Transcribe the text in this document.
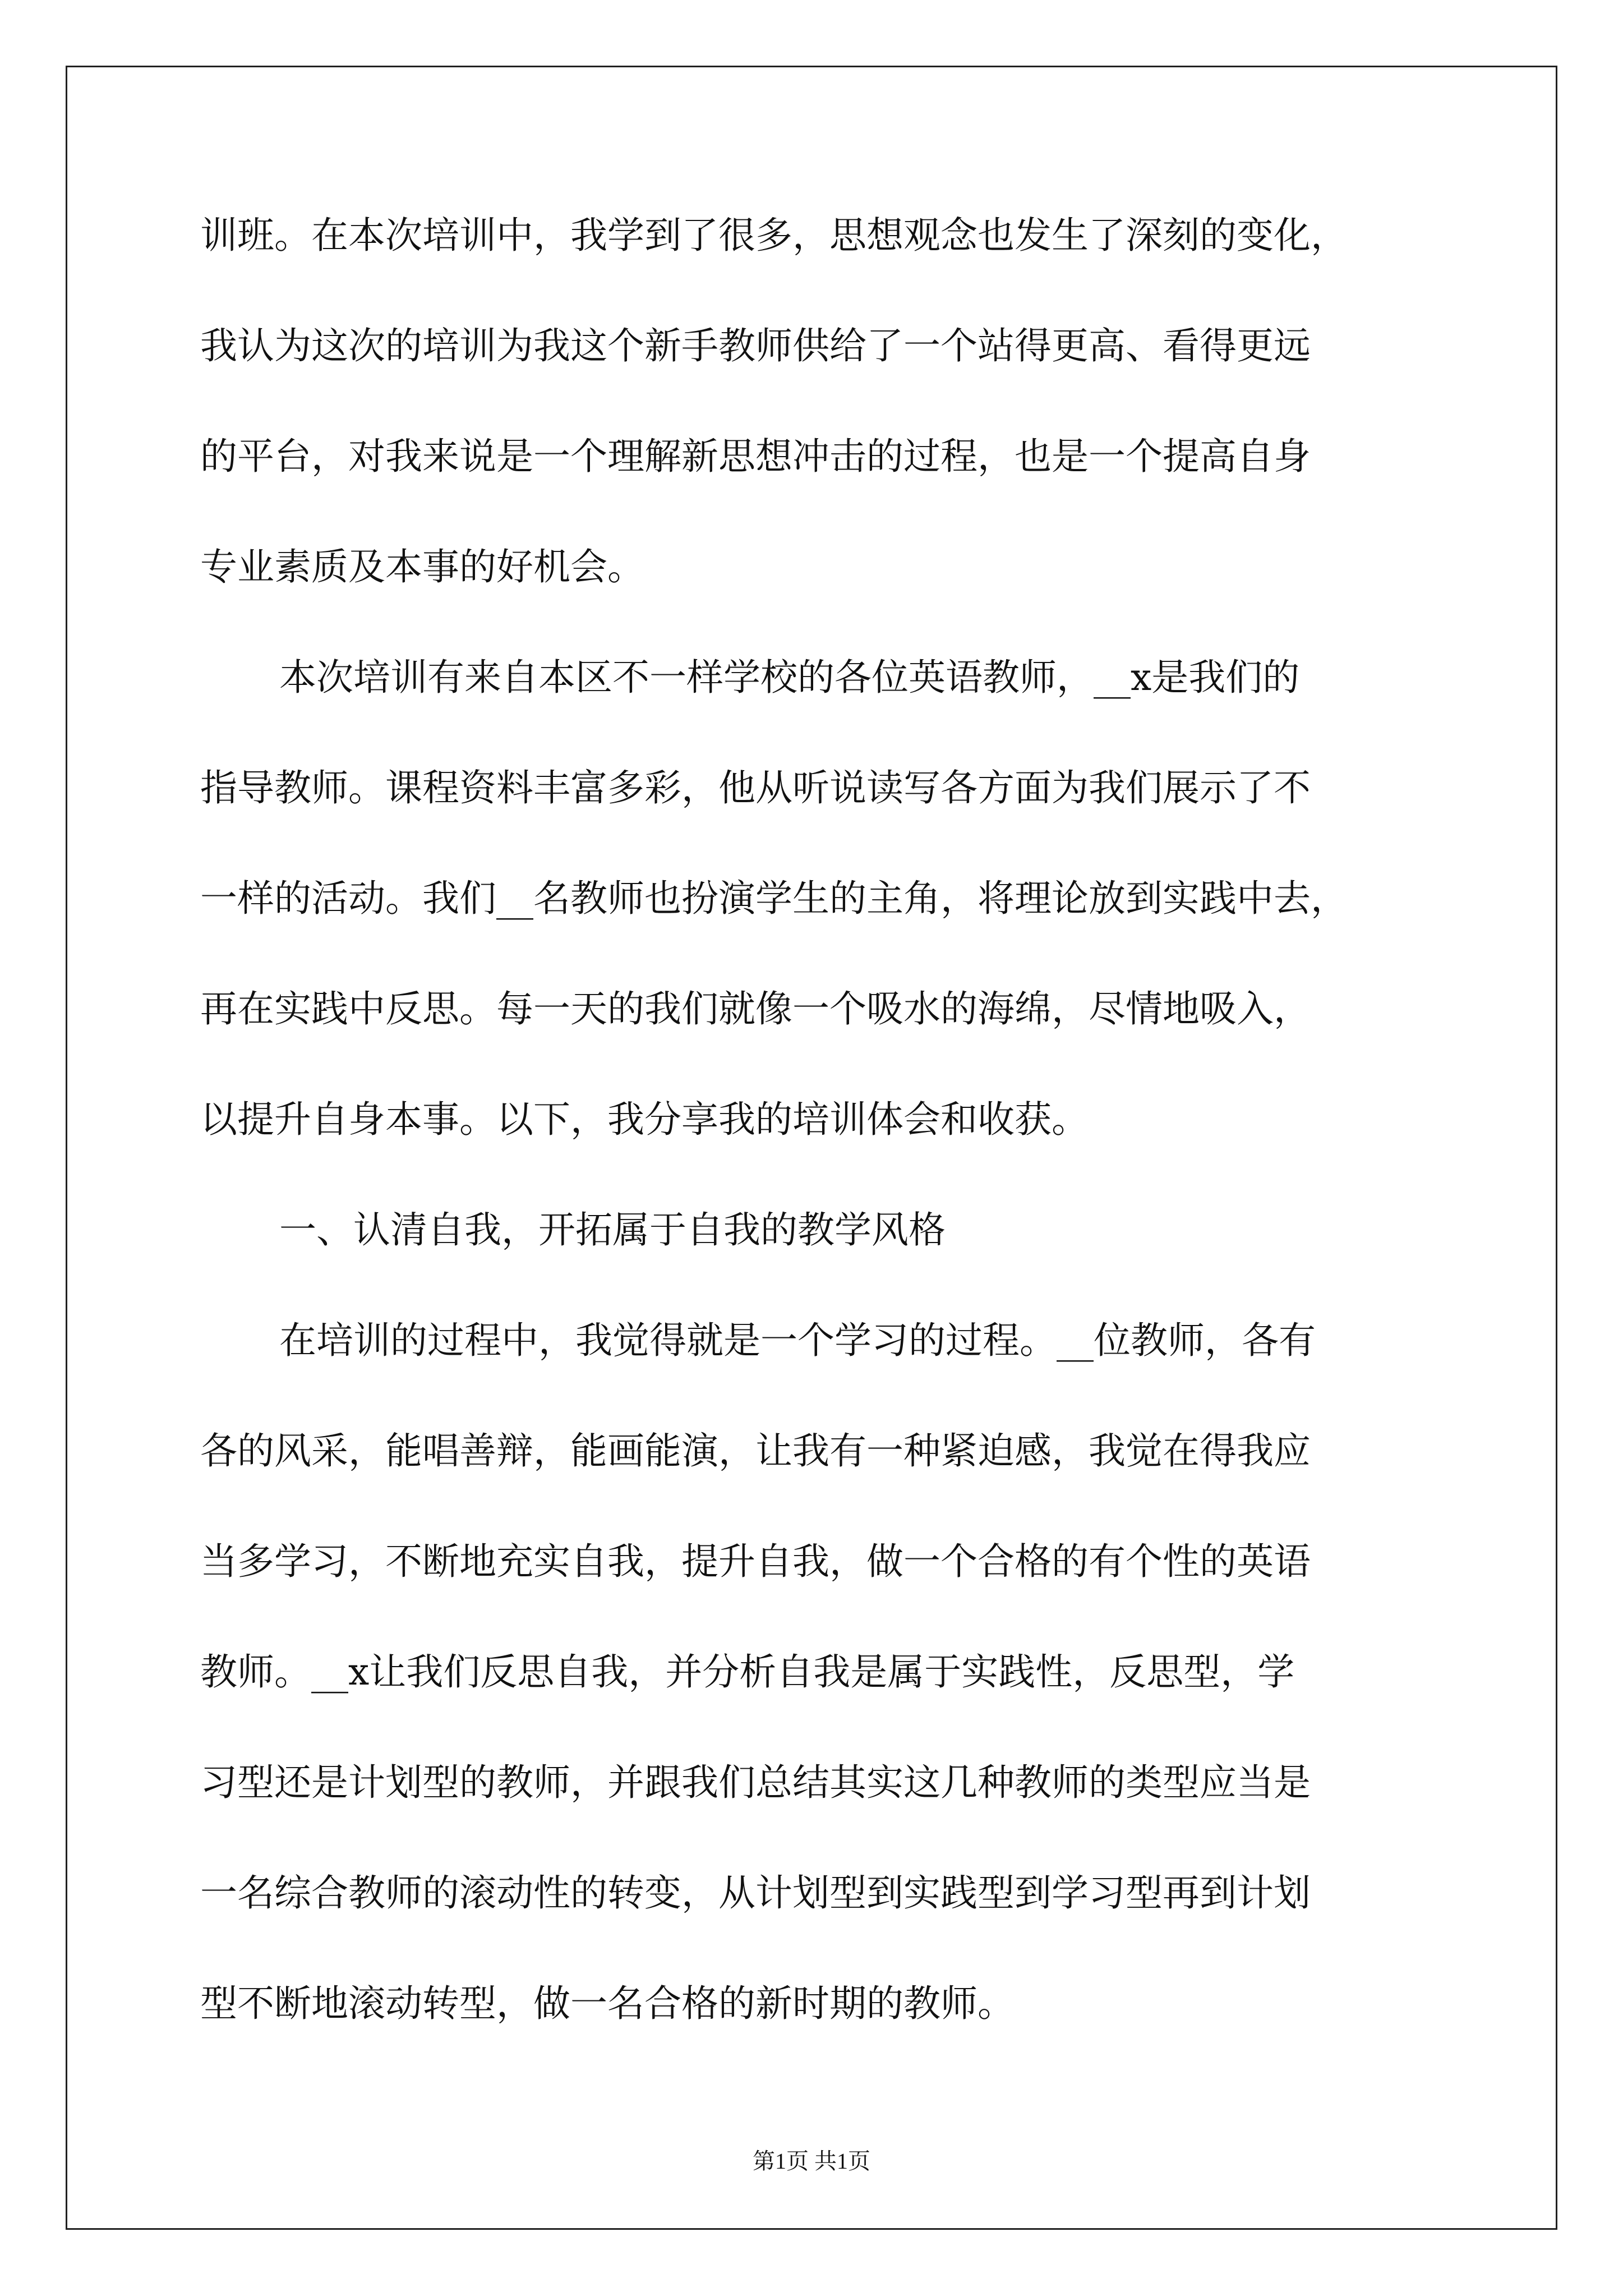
训班。在本次培训中，我学到了很多，思想观念也发生了深刻的变化，
我认为这次的培训为我这个新手教师供给了一个站得更高、看得更远
的平台，对我来说是一个理解新思想冲击的过程，也是一个提高自身
专业素质及本事的好机会。
本次培训有来自本区不一样学校的各位英语教师，__x是我们的
指导教师。课程资料丰富多彩，他从听说读写各方面为我们展示了不
一样的活动。我们__名教师也扮演学生的主角，将理论放到实践中去，
再在实践中反思。每一天的我们就像一个吸水的海绵，尽情地吸入，
以提升自身本事。以下，我分享我的培训体会和收获。
一、认清自我，开拓属于自我的教学风格
在培训的过程中，我觉得就是一个学习的过程。__位教师，各有
各的风采，能唱善辩，能画能演，让我有一种紧迫感，我觉在得我应
当多学习，不断地充实自我，提升自我，做一个合格的有个性的英语
教师。__x让我们反思自我，并分析自我是属于实践性，反思型，学
习型还是计划型的教师，并跟我们总结其实这几种教师的类型应当是
一名综合教师的滚动性的转变，从计划型到实践型到学习型再到计划
型不断地滚动转型，做一名合格的新时期的教师。
第1页 共1页
